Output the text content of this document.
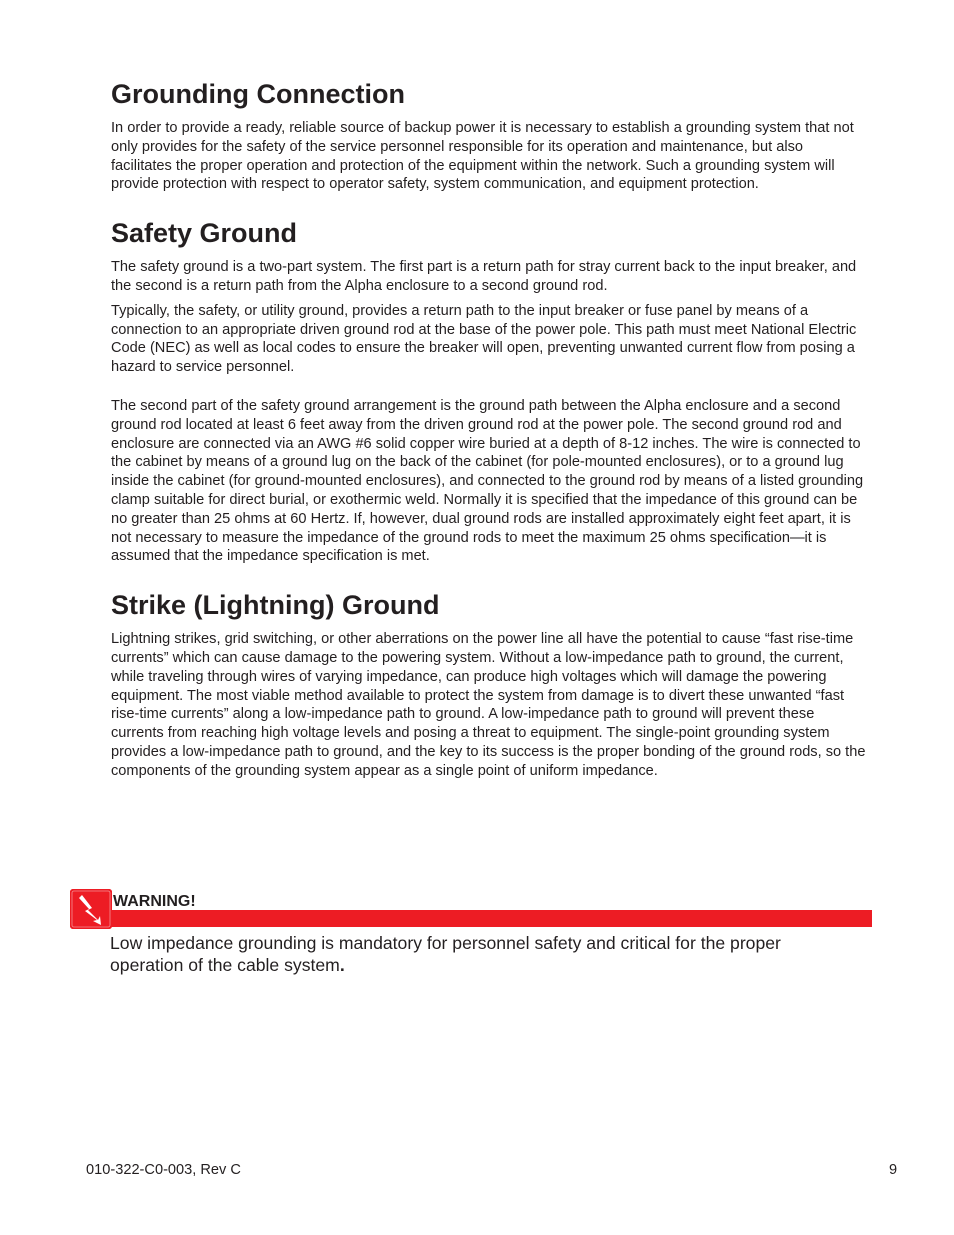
Grounding Connection

In order to provide a ready, reliable source of backup power it is necessary to establish a grounding system that not only provides for the safety of the service personnel responsible for its operation and maintenance, but also facilitates the proper operation and protection of the equipment within the network. Such a grounding system will provide protection with respect to operator safety, system communication, and equipment protection.

Safety Ground

The safety ground is a two-part system. The first part is a return path for stray current back to the input breaker, and the second is a return path from the Alpha enclosure to a second ground rod.

Typically, the safety, or utility ground, provides a return path to the input breaker or fuse panel by means of a connection to an appropriate driven ground rod at the base of the power pole. This path must meet National Electric Code (NEC) as well as local codes to ensure the breaker will open, preventing unwanted current flow from posing a hazard to service personnel.

The second part of the safety ground arrangement is the ground path between the Alpha enclosure and a second ground rod located at least 6 feet away from the driven ground rod at the power pole. The second ground rod and enclosure are connected via an AWG #6 solid copper wire buried at a depth of 8-12 inches. The wire is connected to the cabinet by means of a ground lug on the back of the cabinet (for pole-mounted enclosures), or to a ground lug inside the cabinet (for ground-mounted enclosures), and connected to the ground rod by means of a listed grounding clamp suitable for direct burial, or exothermic weld. Normally it is specified that the impedance of this ground can be no greater than 25 ohms at 60 Hertz. If, however, dual ground rods are installed approximately eight feet apart, it is not necessary to measure the impedance of the ground rods to meet the maximum 25 ohms specification—it is assumed that the impedance specification is met.

Strike (Lightning) Ground

Lightning strikes, grid switching, or other aberrations on the power line all have the potential to cause “fast rise-time currents” which can cause damage to the powering system. Without a low-impedance path to ground, the current, while traveling through wires of varying impedance, can produce high voltages which will damage the powering equipment. The most viable method available to protect the system from damage is to divert these unwanted “fast rise-time currents” along a low-impedance path to ground. A low-impedance path to ground will prevent these currents from reaching high voltage levels and posing a threat to equipment. The single-point grounding system provides a low-impedance path to ground, and the key to its success is the proper bonding of the ground rods, so the components of the grounding system appear as a single point of uniform impedance.

WARNING!
Low impedance grounding is mandatory for personnel safety and critical for the proper operation of the cable system.
010-322-C0-003, Rev C	9
